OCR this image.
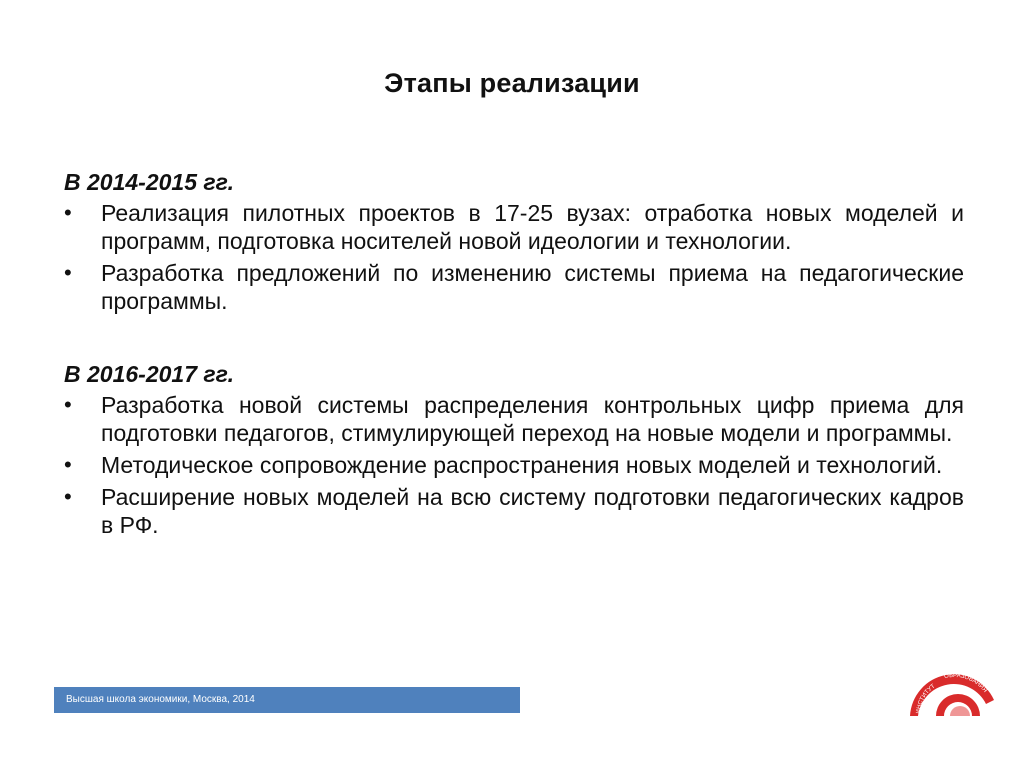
Этапы реализации

В 2014-2015 гг.

•	Реализация пилотных проектов в 17-25 вузах: отработка новых моделей и программ, подготовка носителей новой идеологии и технологии.
•	Разработка предложений по изменению системы приема на педагогические программы.

В 2016-2017 гг.

•	Разработка новой системы распределения контрольных цифр приема для подготовки педагогов, стимулирующей переход на новые модели и программы.
•	Методическое сопровождение распространения новых моделей и технологий.
•	Расширение новых моделей на всю систему подготовки педагогических кадров в РФ.
Высшая школа экономики, Москва, 2014
ИНСТИТУТ
ОБРАЗОВАНИЯ
